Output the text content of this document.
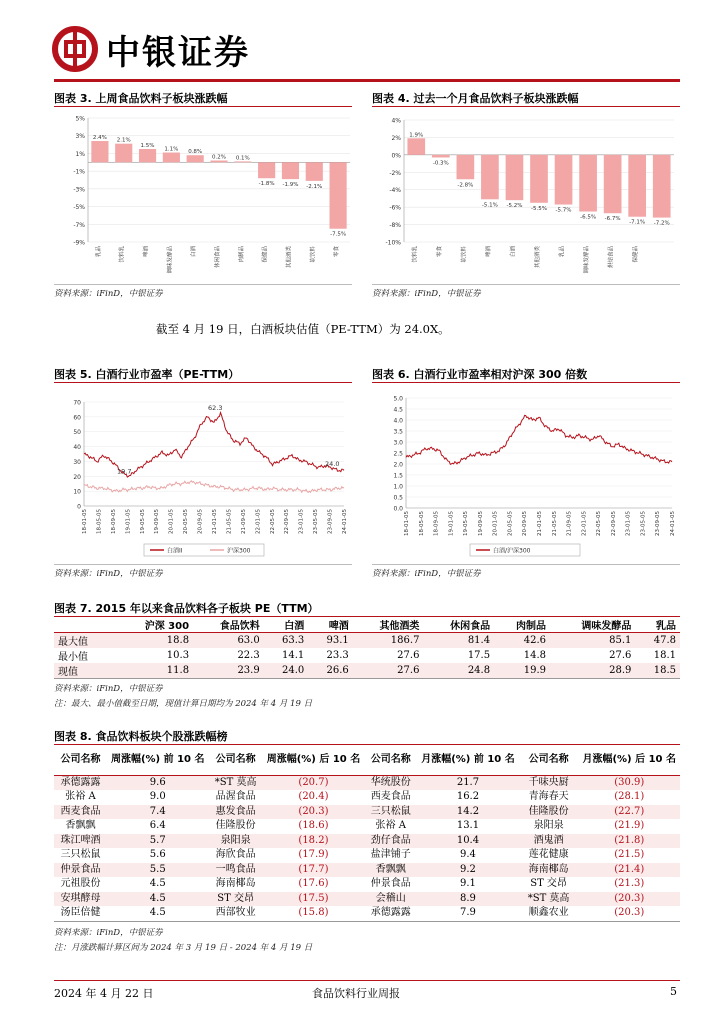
中银证券
图表 3. 上周食品饮料子板块涨跌幅
5%
3%
1%
-1%
-3%
-5%
-7%
-9%
2.4% 2.1%
1.5%
1.1% 0.8%
0.2% 0.1%
-1.8% -1.9% -2.1%
-7.5%
乳品	饮料乳	啤酒	调味发酵品	白酒	休闲食品	肉制品	保健品	其他酒类	软饮料	零食
资料来源：iFinD，中银证券
图表 4. 过去一个月食品饮料子板块涨跌幅
4%
2%
0%
-2%
-4%
-6%
-8%
-10%
1.9%
-0.3%
-2.8%
-5.1% -5.2% -5.5% -5.7%
-6.5% -6.7%
-7.1% -7.2%
饮料乳	零食	软饮料	啤酒	白酒	其他酒类	乳品	调味发酵品	烘焙食品	保健品
资料来源：iFinD，中银证券
截至 4 月 19 日，白酒板块估值（PE-TTM）为 24.0X。
图表 5. 白酒行业市盈率（PE-TTM）
70
60
50
40
30
20
10
0
18-01-05 18-05-05 18-09-05 19-01-05 19-05-05 19-09-05 20-01-05 20-05-05 20-09-05 21-01-05 21-05-05 21-09-05 22-01-05 22-05-05 22-09-05 23-01-05 23-05-05 23-09-05 24-01-05
白酒II	沪深300
62.3
19.7
24.0
资料来源：iFinD，中银证券
图表 6. 白酒行业市盈率相对沪深 300 倍数
5.0
4.5
4.0
3.5
3.0
2.5
2.0
1.5
1.0
0.5
0.0
18-01-05 18-05-05 18-09-05 19-01-05 19-05-05 19-09-05 20-01-05 20-05-05 20-09-05 21-01-05 21-05-05 21-09-05 22-01-05 22-05-05 22-09-05 23-01-05 23-05-05 23-09-05 24-01-05
白酒/沪深300
资料来源：iFinD，中银证券
图表 7. 2015 年以来食品饮料各子板块 PE（TTM）
	沪深 300	食品饮料	白酒	啤酒	其他酒类	休闲食品	肉制品	调味发酵品	乳品
最大值	18.8	63.0	63.3	93.1	186.7	81.4	42.6	85.1	47.8
最小值	10.3	22.3	14.1	23.3	27.6	17.5	14.8	27.6	18.1
现值	11.8	23.9	24.0	26.6	27.6	24.8	19.9	28.9	18.5
资料来源：iFinD，中银证券
注：最大、最小值截至日期，现值计算日期均为 2024 年 4 月 19 日
图表 8. 食品饮料板块个股涨跌幅榜
公司名称	周涨幅(%) 前 10 名	公司名称	周涨幅(%) 后 10 名	公司名称	月涨幅(%) 前 10 名	公司名称	月涨幅(%) 后 10 名
承德露露	9.6	*ST 莫高	(20.7)	华统股份	21.7	千味央厨	(30.9)
张裕 A	9.0	品渥食品	(20.4)	西麦食品	16.2	青海春天	(28.1)
西麦食品	7.4	惠发食品	(20.3)	三只松鼠	14.2	佳隆股份	(22.7)
香飘飘	6.4	佳隆股份	(18.6)	张裕 A	13.1	泉阳泉	(21.9)
珠江啤酒	5.7	泉阳泉	(18.2)	劲仔食品	10.4	酒鬼酒	(21.8)
三只松鼠	5.6	海欣食品	(17.9)	盐津铺子	9.4	莲花健康	(21.5)
仲景食品	5.5	一鸣食品	(17.7)	香飘飘	9.2	海南椰岛	(21.4)
元祖股份	4.5	海南椰岛	(17.6)	仲景食品	9.1	ST 交昂	(21.3)
安琪酵母	4.5	ST 交昂	(17.5)	会稽山	8.9	*ST 莫高	(20.3)
汤臣倍健	4.5	西部牧业	(15.8)	承德露露	7.9	顺鑫农业	(20.3)
资料来源：iFinD，中银证券
注：月涨跌幅计算区间为 2024 年 3 月 19 日 - 2024 年 4 月 19 日
2024 年 4 月 22 日	食品饮料行业周报	5
